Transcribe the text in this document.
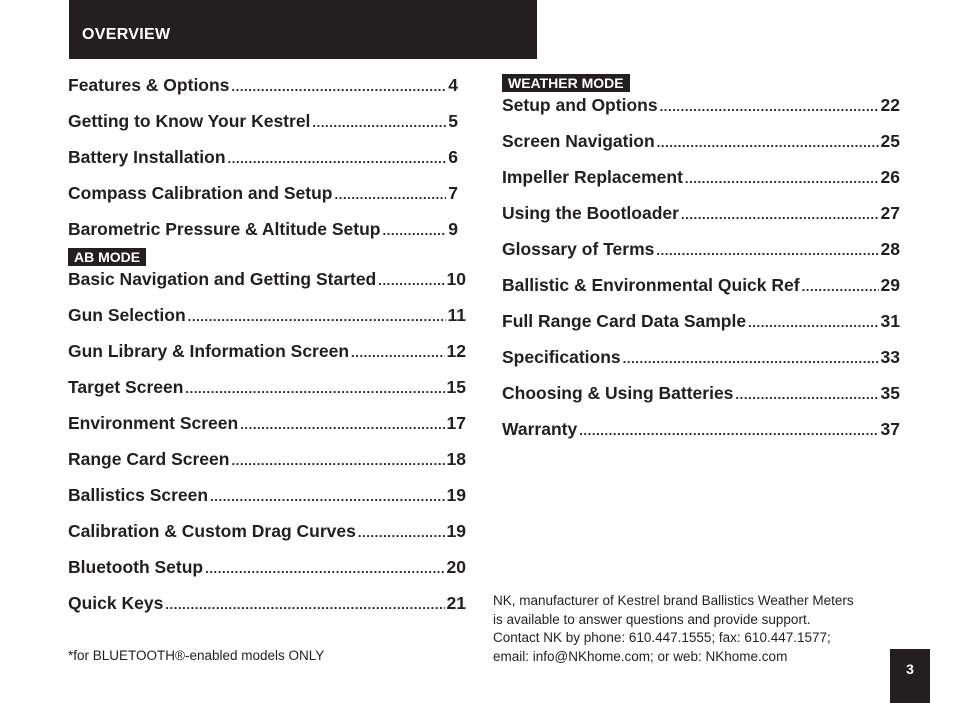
OVERVIEW
Features & Options .....	4
Getting to Know Your Kestrel .....	5
Battery Installation .....	6
Compass Calibration and Setup .....	7
Barometric Pressure & Altitude Setup .....	9
AB MODE
Basic Navigation and Getting Started .....	10
Gun Selection .....	11
Gun Library & Information Screen .....	12
Target Screen .....	15
Environment Screen .....	17
Range Card Screen .....	18
Ballistics Screen .....	19
Calibration & Custom Drag Curves .....	19
Bluetooth Setup .....	20
Quick Keys .....	21
WEATHER MODE
Setup and Options .....	22
Screen Navigation .....	25
Impeller Replacement .....	26
Using the Bootloader .....	27
Glossary of Terms .....	28
Ballistic & Environmental Quick Ref .....	29
Full Range Card Data Sample .....	31
Specifications .....	33
Choosing & Using Batteries .....	35
Warranty .....	37
*for BLUETOOTH®-enabled models ONLY
NK, manufacturer of Kestrel brand Ballistics Weather Meters
is available to answer questions and provide support.
Contact NK by phone: 610.447.1555; fax: 610.447.1577;
email: info@NKhome.com; or web: NKhome.com
3
